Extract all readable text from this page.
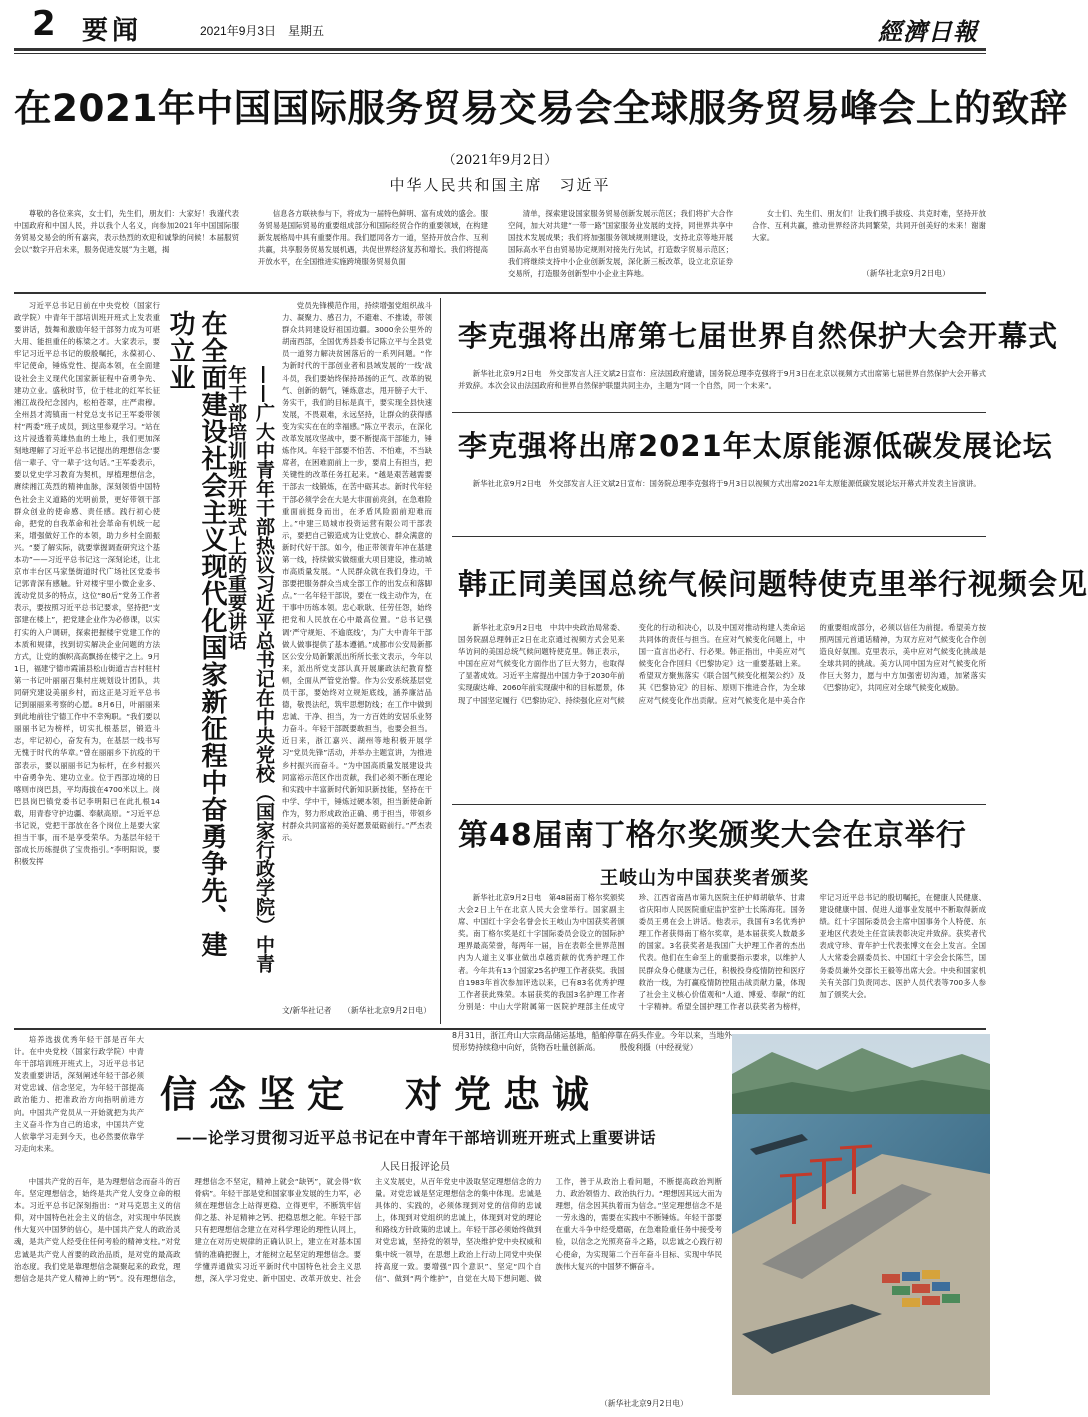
2 要闻	2021年9月3日　星期五	經濟日報
在2021年中国国际服务贸易交易会全球服务贸易峰会上的致辞
（2021年9月2日）
中华人民共和国主席　习近平

尊敬的各位来宾，女士们，先生们，朋友们：大家好！我谨代表中国政府和中国人民，并以我个人名义，向参加2021年中国国际服务贸易交易会的所有嘉宾，表示热烈的欢迎和诚挚的问候！本届服贸会以“数字开启未来，服务促进发展”为主题，揭

信息各方联袂参与下，将成为一届特色鲜明、富有成效的盛会。服务贸易是国际贸易的重要组成部分和国际经贸合作的重要领域，在构建新发展格局中具有重要作用。我们愿同各方一道，坚持开放合作、互利共赢，共享服务贸易发展机遇，共促世界经济复苏和增长。我们将提高开放水平，在全国推进实施跨境服务贸易负面

清单，探索建设国家服务贸易创新发展示范区；我们将扩大合作空间，加大对共建“一带一路”国家服务业发展的支持，同世界共享中国技术发展成果；我们将加强服务领域规则建设，支持北京等地开展国际高水平自由贸易协定规则对接先行先试，打造数字贸易示范区；我们将继续支持中小企业创新发展，深化新三板改革，设立北京证券交易所，打造服务创新型中小企业主阵地。

女士们、先生们、朋友们！让我们携手拔疫、共克时难，坚持开放合作、互利共赢，推动世界经济共同繁荣，共同开创美好的未来！谢谢大家。

（新华社北京9月2日电）

习近平总书记日前在中央党校（国家行政学院）中青年干部培训班开班式上发表重要讲话，鼓舞和激励年轻干部努力成为可堪大用、能担重任的栋梁之才。大家表示，要牢记习近平总书记的殷殷嘱托，永葆初心、牢记使命，锤炼党性、提高本领，在全面建设社会主义现代化国家新征程中奋勇争先、建功立业。盛秋时节，位于桂北的红军长征湘江战役纪念园内，松柏苍翠，庄严肃穆。全州县才湾镇南一村党总支书记王军委带领村“两委”班子成员，到这里参观学习。“站在这片浸透着英雄热血的土地上，我们更加深刻地理解了习近平总书记提出的理想信念‘要信一辈子、守一辈子’这句话。”王军委表示，要以党史学习教育为契机，厚植理想信念，赓续湘江英烈的精神血脉，深刻领悟中国特色社会主义道路的光明前景，更好带领干部群众创业的使命感、责任感。践行初心使命，把党的自我革命和社会革命有机统一起来，增强做好工作的本领，助力乡村全面振兴。“要了解实际，就要掌握调查研究这个基本功”——习近平总书记这一深刻论述，让北京市丰台区马家堡街道时代广场社区党委书记郭青深有感触。针对楼宇里小微企业多、流动党员多的特点，这位“80后”党务工作者表示，要按照习近平总书记要求，坚持把“支部建在楼上”，把党建企业作为必修课，以实打实的入户调研，探索把握楼宇党建工作的本质和规律，找到切实解决企业问题的方法方式，让党的旗帜高高飘扬在楼宇之上。9月1日，福建宁德市霞浦县松山街道吉吉村驻村第一书记叶丽丽召集村庄规划设计团队，共同研究建设美丽乡村，而这正是习近平总书记到丽丽来考察的心愿。8月6日，叶丽丽来到此地前往宁德工作中不幸殉职。“我们要以丽丽书记为榜样，切实扎根基层，锻造斗志，牢记初心，奋发有为，在基层一线书写无愧于时代的华章。”曾在丽丽乡下抗疫的干部表示，要以丽丽书记为标杆，在乡村振兴中奋勇争先、建功立业。位于西部边境的日喀则市岗巴县，平均海拔在4700米以上。岗巴县岗巴镇党委书记李明阳已在此扎根14载，用青春守护边疆、奉献高原。“习近平总书记说，党把干部放在各个岗位上是要大家担当干事，而不是享受荣华。为基层年轻干部成长历练提供了宝贵指引。”李明阳说，要积极发挥	在全面建设社会主义现代化国家新征程中奋勇争先、建功立业
——广大中青年干部热议习近平总书记在中央党校（国家行政学院）中青年干部培训班开班式上的重要讲话

党员先锋模范作用，持续增强党组织战斗力、凝聚力、感召力，不避难、不推诿，带领群众共同建设好祖国边疆。3000余公里外的胡南西部，全国优秀县委书记陈立平与全县党员一道努力解决贫困落后的一系列问题。“作为新时代的干部创业者和县域发展的‘一线’战斗员，我们要始终保持昂扬的正气、改革的锐气、创新的朝气，锤炼意志，甩开膀子大干、务实干，我们的目标是真干，要实现全县快速发展，不畏艰难，永远坚持，让群众的获得感变为实实在在的幸福感。”陈立平表示，在深化改革发展攻坚战中，要不断提高干部能力，锤炼作风。年轻干部要不怕苦、不怕难，不当缺席者，在困难面前上一步，要肩上有担当，把关键性的改革任务扛起来。“越是艰苦越需要干部去一线锻炼，在苦中砺其志。新时代年轻干部必须学会在大是大非面前亮剑，在急难险重面前挺身而出，在矛盾风险面前迎难而上。”中建三局城市投资运营有限公司干部表示，要把自己锻造成为让党放心、群众满意的新时代好干部。如今，他正带领青年冲在基建第一线，持续做实做细重大项目建设，推动城市高质量发展。“人民群众就在我们身边，干部要把服务群众当成全部工作的出发点和落脚点。”一名年轻干部说，要在一线主动作为，在干事中历练本领。忠心耿耿、任劳任怨，始终把党和人民放在心中最高位置。“总书记强调‘严守规矩、不逾底线’，为广大中青年干部做人做事提供了基本遵循。”成都市公安局新都区公安分局新繁派出所所长张文表示，今年以来，派出所党支部认真开展廉政法纪教育整顿，全面从严管党治警。作为公安系统基层党员干部，要始终对立规矩底线，涵养廉洁品德，敬畏法纪，筑牢思想防线；在工作中做到忠诚、干净、担当，为一方百姓的安居乐业努力奋斗。年轻干部既要敢担当，也要会担当。近日来，浙江嘉兴、湖州等地积极开展学习“党员先锋”活动，并举办主题宣讲，为推进乡村振兴而奋斗。“为中国高质量发展建设共同富裕示范区作出贡献，我们必须不断在理论和实践中丰富新时代新知识新技能，坚持在干中学、学中干，锤炼过硬本领，担当新使命新作为，努力形成政治正确、勇于担当，带领乡村群众共同富裕的美好愿景砥砺前行。”严杰表示。

文/新华社记者　　（新华社北京9月2日电）
李克强将出席第七届世界自然保护大会开幕式

新华社北京9月2日电　外交部发言人汪文斌2日宣布：应法国政府邀请，国务院总理李克强将于9月3日在北京以视频方式出席第七届世界自然保护大会开幕式并致辞。本次会议由法国政府和世界自然保护联盟共同主办，主题为“同一个自然，同一个未来”。

李克强将出席2021年太原能源低碳发展论坛

新华社北京9月2日电　外交部发言人汪文斌2日宣布：国务院总理李克强将于9月3日以视频方式出席2021年太原能源低碳发展论坛开幕式并发表主旨演讲。

韩正同美国总统气候问题特使克里举行视频会见

新华社北京9月2日电　中共中央政治局常委、国务院副总理韩正2日在北京通过视频方式会见来华访问的美国总统气候问题特使克里。韩正表示，中国在应对气候变化方面作出了巨大努力，也取得了显著成效。习近平主席提出中国力争于2030年前实现碳达峰、2060年前实现碳中和的目标愿景，体现了中国坚定履行《巴黎协定》、持续强化应对气候变化的行动和决心，以及中国对推动构建人类命运共同体的责任与担当。在应对气候变化问题上，中国一直言出必行、行必果。韩正指出，中美应对气候变化合作回归《巴黎协定》这一重要基础上来。希望双方聚焦落实《联合国气候变化框架公约》及其《巴黎协定》的目标、原则下推进合作，为全球应对气候变化作出贡献。应对气候变化是中美合作的重要组成部分，必须以信任为前提。希望美方按照两国元首通话精神，为双方应对气候变化合作创造良好氛围。克里表示，美中应对气候变化挑战是全球共同的挑战。美方认同中国为应对气候变化所作巨大努力，愿与中方加强密切沟通，加紧落实《巴黎协定》，共同应对全球气候变化威胁。

第48届南丁格尔奖颁奖大会在京举行
王岐山为中国获奖者颁奖

新华社北京9月2日电　第48届南丁格尔奖颁奖大会2日上午在北京人民大会堂举行。国家副主席、中国红十字会名誉会长王岐山为中国获奖者颁奖。南丁格尔奖是红十字国际委员会设立的国际护理界最高荣誉，每两年一届，旨在表彰全世界范围内为人道主义事业做出卓越贡献的优秀护理工作者。今年共有13个国家25名护理工作者获奖。我国自1983年首次参加评选以来，已有83名优秀护理工作者获此殊荣。本届获奖的我国3名护理工作者分别是：中山大学附属第一医院护理部主任成守珍、江西省南昌市第九医院主任护师胡敏华、甘肃省庆阳市人民医院重症监护室护士长陈海花。国务委员王勇在会上讲话。他表示，我国有3名优秀护理工作者获得南丁格尔奖章，是本届获奖人数最多的国家。3名获奖者是我国广大护理工作者的杰出代表。他们在生命至上的重要指示要求，以维护人民群众身心健康为己任，积极投身疫情防控和医疗救治一线，为打赢疫情防控阻击战贡献力量，体现了社会主义核心价值观和“人道、博爱、奉献”的红十字精神。希望全国护理工作者以获奖者为榜样，牢记习近平总书记的殷切嘱托，在健康人民健康、建设健康中国、促进人道事业发展中不断取得新成绩。红十字国际委员会主席中国事务个人特使、东亚地区代表处主任宣读表彰决定并致辞。获奖者代表成守珍、青年护士代表张博文在会上发言。全国人大常委会副委员长、中国红十字会会长陈竺，国务委员兼外交部长王毅等出席大会。中央和国家机关有关部门负责同志、医护人员代表等700多人参加了颁奖大会。

8月31日，浙江舟山大宗商品储运基地，船舶停靠在码头作业。今年以来，当地外贸形势持续稳中向好，货物吞吐量创新高。　　　殷俊利摄（中经视觉）

培养选拔优秀年轻干部是百年大计。在中央党校（国家行政学院）中青年干部培训班开班式上，习近平总书记发表重要讲话，深刻阐述年轻干部必须对党忠诚、信念坚定，为年轻干部提高政治能力、把准政治方向指明前进方向。中国共产党员从一开始就把为共产主义奋斗作为自己的追求，中国共产党人依靠学习走到今天，也必然要依靠学习走向未来。

信念坚定　对党忠诚
——论学习贯彻习近平总书记在中青年干部培训班开班式上重要讲话
人民日报评论员

中国共产党的百年，是为理想信念而奋斗的百年。坚定理想信念，始终是共产党人安身立命的根本。习近平总书记深刻指出：“对马克思主义的信仰，对中国特色社会主义的信念，对实现中华民族伟大复兴中国梦的信心，是中国共产党人的政治灵魂，是共产党人经受住任何考验的精神支柱。”对党忠诚是共产党人首要的政治品质，是对党的最高政治态度。我们党是靠理想信念凝聚起来的政党，理想信念是共产党人精神上的“钙”。没有理想信念，理想信念不坚定，精神上就会“缺钙”，就会得“软骨病”。年轻干部是党和国家事业发展的生力军，必须在理想信念上站得更稳、立得更牢，不断筑牢信仰之基、补足精神之钙、把稳思想之舵。年轻干部只有把理想信念建立在对科学理论的理性认同上，建立在对历史规律的正确认识上，建立在对基本国情的准确把握上，才能树立起坚定的理想信念。要学懂弄通做实习近平新时代中国特色社会主义思想，深入学习党史、新中国史、改革开放史、社会主义发展史，从百年党史中汲取坚定理想信念的力量。对党忠诚是坚定理想信念的集中体现。忠诚是具体的、实践的，必须体现到对党的信仰的忠诚上，体现到对党组织的忠诚上，体现到对党的理论和路线方针政策的忠诚上。年轻干部必须始终做到对党忠诚，坚持党的领导，坚决维护党中央权威和集中统一领导，在思想上政治上行动上同党中央保持高度一致。要增强“四个意识”、坚定“四个自信”、做到“两个维护”，自觉在大局下想问题、做工作，善于从政治上看问题，不断提高政治判断力、政治领悟力、政治执行力。“理想因其远大而为理想，信念因其执着而为信念。”坚定理想信念不是一劳永逸的，需要在实践中不断锤炼。年轻干部要在重大斗争中经受磨砺，在急难险重任务中接受考验，以信念之光照亮奋斗之路，以忠诚之心践行初心使命，为实现第二个百年奋斗目标、实现中华民族伟大复兴的中国梦不懈奋斗。

（新华社北京9月2日电）
